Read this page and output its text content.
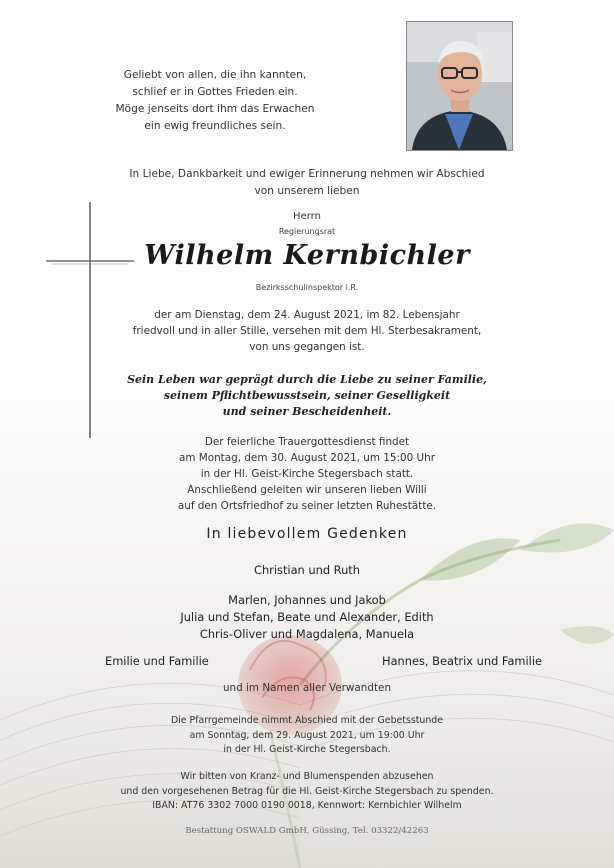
Geliebt von allen, die ihn kannten,
schlief er in Gottes Frieden ein.
Möge jenseits dort ihm das Erwachen
ein ewig freundliches sein.
In Liebe, Dankbarkeit und ewiger Erinnerung nehmen wir Abschied
von unserem lieben
Herrn
Regierungsrat
Wilhelm Kernbichler
Bezirksschulinspektor i.R.
der am Dienstag, dem 24. August 2021, im 82. Lebensjahr
friedvoll und in aller Stille, versehen mit dem Hl. Sterbesakrament,
von uns gegangen ist.
Sein Leben war geprägt durch die Liebe zu seiner Familie,
seinem Pflichtbewusstsein, seiner Geselligkeit
und seiner Bescheidenheit.
Der feierliche Trauergottesdienst findet
am Montag, dem 30. August 2021, um 15:00 Uhr
in der Hl. Geist-Kirche Stegersbach statt.
Anschließend geleiten wir unseren lieben Willi
auf den Ortsfriedhof zu seiner letzten Ruhestätte.
In liebevollem Gedenken
Christian und Ruth
Marlen, Johannes und Jakob
Julia und Stefan, Beate und Alexander, Edith
Chris-Oliver und Magdalena, Manuela
Emilie und Familie	Hannes, Beatrix und Familie
und im Namen aller Verwandten
Die Pfarrgemeinde nimmt Abschied mit der Gebetsstunde
am Sonntag, dem 29. August 2021, um 19:00 Uhr
in der Hl. Geist-Kirche Stegersbach.
Wir bitten von Kranz- und Blumenspenden abzusehen
und den vorgesehenen Betrag für die Hl. Geist-Kirche Stegersbach zu spenden.
IBAN: AT76 3302 7000 0190 0018, Kennwort: Kernbichler Wilhelm
Bestattung OSWALD GmbH, Güssing, Tel. 03322/42263
